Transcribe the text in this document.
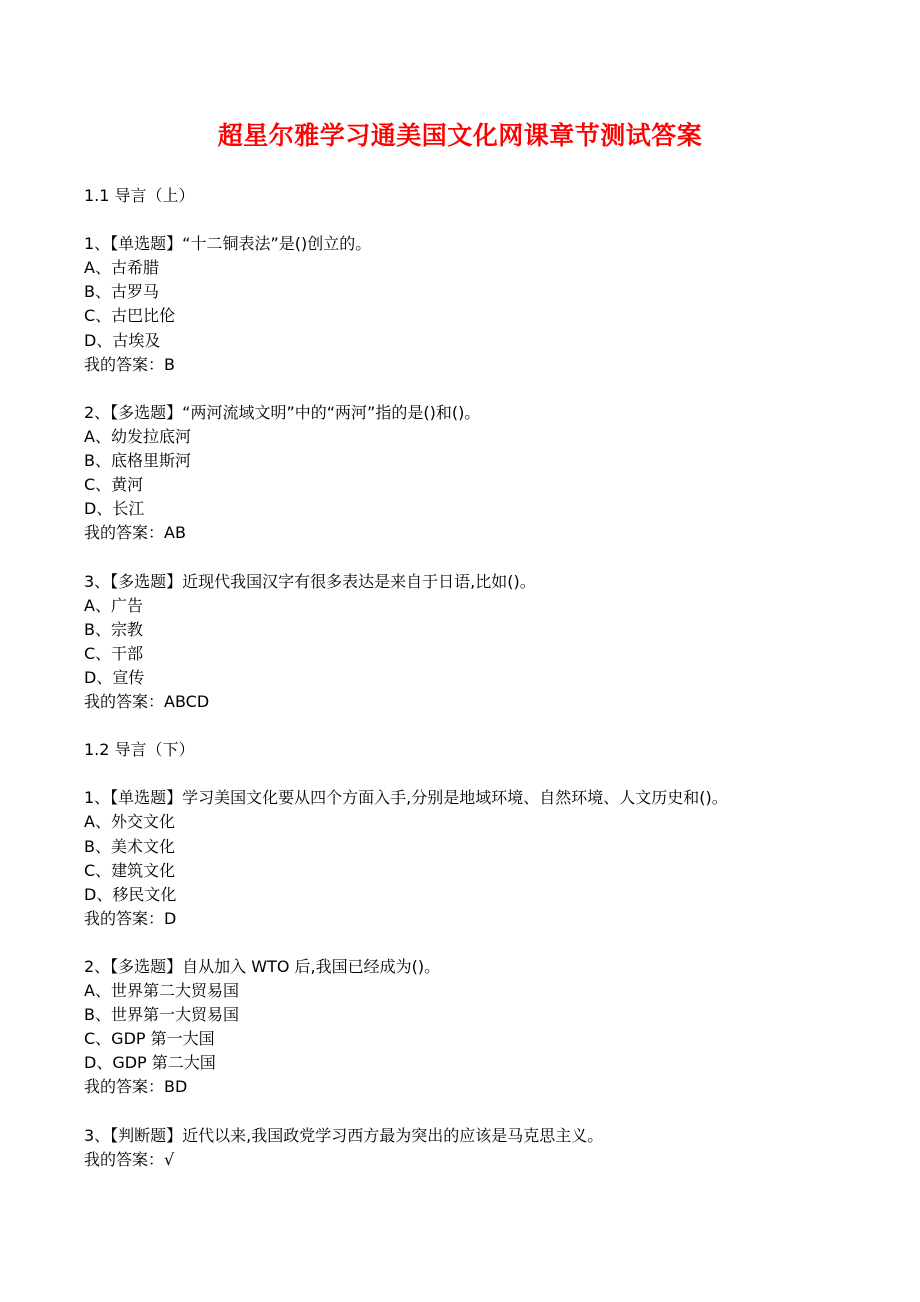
超星尔雅学习通美国文化网课章节测试答案
1.1 导言（上）
1、【单选题】“十二铜表法”是()创立的。
A、古希腊
B、古罗马
C、古巴比伦
D、古埃及
我的答案：B
2、【多选题】“两河流域文明”中的“两河”指的是()和()。
A、幼发拉底河
B、底格里斯河
C、黄河
D、长江
我的答案：AB
3、【多选题】近现代我国汉字有很多表达是来自于日语,比如()。
A、广告
B、宗教
C、干部
D、宣传
我的答案：ABCD
1.2 导言（下）
1、【单选题】学习美国文化要从四个方面入手,分别是地域环境、自然环境、人文历史和()。
A、外交文化
B、美术文化
C、建筑文化
D、移民文化
我的答案：D
2、【多选题】自从加入 WTO 后,我国已经成为()。
A、世界第二大贸易国
B、世界第一大贸易国
C、GDP 第一大国
D、GDP 第二大国
我的答案：BD
3、【判断题】近代以来,我国政党学习西方最为突出的应该是马克思主义。
我的答案：√
